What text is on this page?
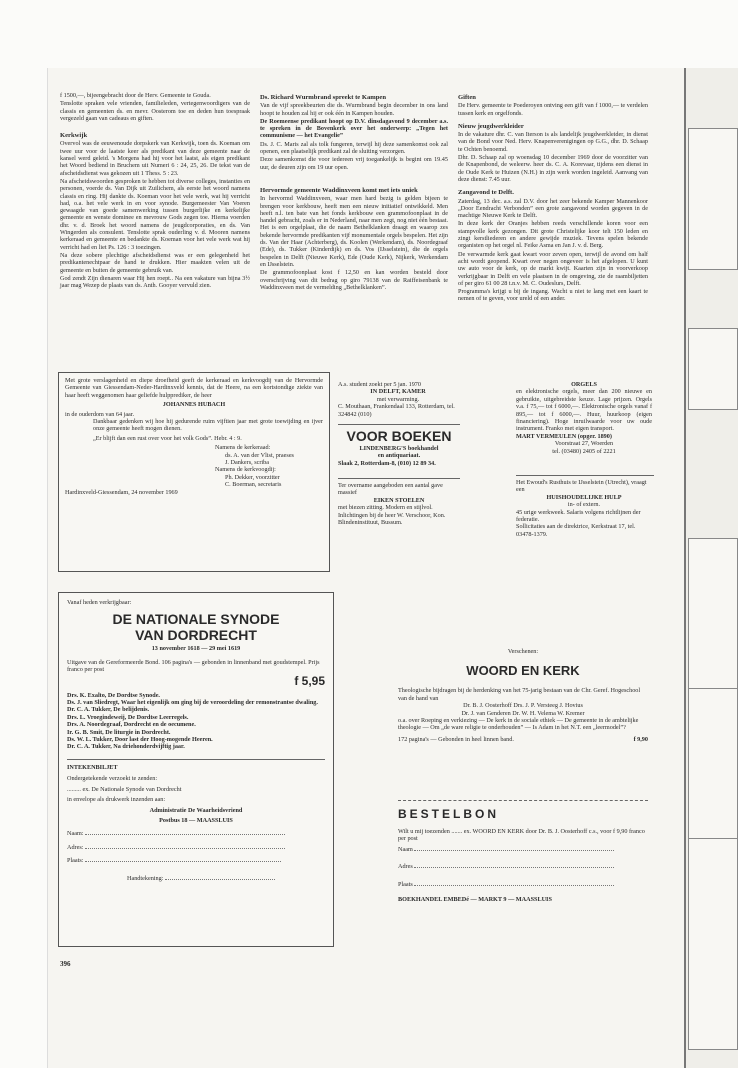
f 1500,—, bijeengebracht door de Herv. Gemeente te Gouda.

Tenslotte spraken vele vrienden, familieleden, vertegenwoordigers van de classis en gemeenten ds. en mevr. Oosterom toe en deden hun toespraak vergezeld gaan van cadeaus en giften.

Kerkwijk

Overvol was de eeuwenoude dorpskerk van Kerkwijk, toen ds. Koeman om twee uur voor de laatste keer als predikant van deze gemeente naar de kansel werd geleid. 's Morgens had hij voor het laatst, als eigen predikant het Woord bediend in Bruchem uit Numeri 6 : 24, 25, 26. De tekst van de afscheidsdienst was gekozen uit 1 Thess. 5 : 23.

Na afscheidswoorden gesproken te hebben tot diverse colleges, instanties en personen, voerde ds. Van Dijk uit Zuilichem, als eerste het woord namens classis en ring. Hij dankte ds. Koeman voor het vele werk, wat hij verricht had, o.a. het vele werk in en voor synode. Burgemeester Van Voeren gewaagde van goede samenwerking tussen burgerlijke en kerkelijke gemeente en wenste dominee en mevrouw Gods zegen toe. Hierna voerden dhr. v. d. Broek het woord namens de jeugdcorporaties, en ds. Van Wingerden als consulent. Tenslotte sprak ouderling v. d. Mooren namens kerkeraad en gemeente en bedankte ds. Koeman voor het vele werk wat hij verricht had en liet Ps. 126 : 3 toezingen.

Na deze sobere plechtige afscheidsdienst was er een gelegenheid het predikantenechtpaar de hand te drukken. Hier maakten velen uit de gemeente en buiten de gemeente gebruik van.

God zendt Zijn dienaren waar Hij hen roept.. Na een vakature van bijna 3½ jaar mag Wezep de plaats van ds. Anth. Gooyer vervuld zien.

Ds. Richard Wurmbrand spreekt te Kampen

Van de vijf spreekbeurten die ds. Wurmbrand begin december in ons land hoopt te houden zal hij er ook één in Kampen houden.

De Roemeense predikant hoopt op D.V. dinsdagavond 9 december a.s. te spreken in de Bovenkerk over het onderwerp: „Tegen het communisme — het Evangelie”

Ds. J. C. Maris zal als tolk fungeren, terwijl hij deze samenkomst ook zal openen, een plaatselijk predikant zal de sluiting verzorgen.

Deze samenkomst die voor iedereen vrij toegankelijk is begint om 19.45 uur, de deuren zijn om 19 uur open.

Hervormde gemeente Waddinxveen komt met iets uniek

In hervormd Waddinxveen, waar men hard bezig is gelden bijeen te brengen voor kerkbouw, heeft men een nieuw initiatief ontwikkeld. Men heeft n.l. ten bate van het fonds kerkbouw een grammofoonplaat in de handel gebracht, zoals er in Nederland, naar men zegt, nog niet één bestaat. Het is een orgelplaat, die de naam Bethelklanken draagt en waarop zes bekende hervormde predikanten vijf monumentale orgels bespelen. Het zijn ds. Van der Haar (Achterberg), ds. Koolen (Werkendam), ds. Noordegraaf (Ede), ds. Tukker (Kinderdijk) en ds. Vos (IJsselstein), die de orgels bespelen in Delft (Nieuwe Kerk), Ede (Oude Kerk), Nijkerk, Werkendam en IJsselstein.

De grammofoonplaat kost f 12,50 en kan worden besteld door overschrijving van dit bedrag op giro 79138 van de Raiffeisenbank te Waddinxveen met de vermelding „Bethelklanken”.

Giften

De Herv. gemeente te Poederoyen ontving een gift van f 1000,— te verdelen tussen kerk en orgelfonds.

Nieuw jeugdwerkleider

In de vakature dhr. C. van Iterson is als landelijk jeugdwerkleider, in dienst van de Bond voor Ned. Herv. Knapenverenigingen op G.G., dhr. D. Schaap te Ochten benoemd.

Dhr. D. Schaap zal op woensdag 10 december 1969 door de voorzitter van de Knapenbond, de weleerw. heer ds. C. A. Korevaar, tijdens een dienst in de Oude Kerk te Huizen (N.H.) in zijn werk worden ingeleid. Aanvang van deze dienst: 7.45 uur.

Zangavond te Delft.

Zaterdag, 13 dec. a.s. zal D.V. door het zeer bekende Kamper Mannenkoor „Door Eendracht Verbonden” een grote zangavond worden gegeven in de machtige Nieuwe Kerk te Delft.

In deze kerk der Oranjes hebben reeds verschillende koren voor een stampvolle kerk gezongen. Dit grote Christelijke koor telt 150 leden en zingt kerstliederen en andere gewijde muziek. Tevens spelen bekende organisten op het orgel nl. Feike Asma en Jan J. v. d. Berg.

De verwarmde kerk gaat kwart voor zeven open, terwijl de avond om half acht wordt geopend. Kwart over negen ongeveer is het afgelopen. U kunt uw auto voor de kerk, op de markt kwijt. Kaarten zijn in voorverkoop verkrijgbaar in Delft en vele plaatsen in de omgeving, zie de raambiljetten of per giro 61 00 28 t.n.v. M. C. Oudeslurs, Delft.

Programma's krijgt u bij de ingang. Wacht u niet te lang met een kaart te nemen of te geven, voor ureld of een ander.

Met grote verslagenheid en diepe droefheid geeft de kerkeraad en kerkvoogdij van de Hervormde Gemeente van Giessendam-Neder-Hardinxveld kennis, dat de Heere, na een kortstondige ziekte van haar heeft weggenomen haar geliefde hulpprediker, de heer
JOHANNES HUBACH
in de ouderdom van 64 jaar.
Dankbaar gedenken wij hoe hij gedurende ruim vijftien jaar met grote toewijding en ijver onze gemeente heeft mogen dienen.
„Er blijft dan een rust over voor het volk Gods”. Hebr. 4 : 9.
Namens de kerkeraad:
ds. A. van der Vlist, praeses
J. Dankers, scriba
Namens de kerkvoogdij:
Ph. Dekker, voorzitter
C. Boerman, secretaris
Hardinxveld-Giessendam, 24 november 1969
A.s. student zoekt per 5 jan. 1970
IN DELFT, KAMER
met verwarming.
C. Mouthaan, Frankendaal 133, Rotterdam, tel. 324842 (010)
VOOR BOEKEN
LINDENBERG'S boekhandel
en antiquariaat.
Slaak 2, Rotterdam-8, (010) 12 89 34.
Ter overname aangeboden een aantal gave massief
EIKEN STOELEN
met biezen zitting. Modern en stijlvol. Inlichtingen bij de heer W. Verschoor, Kon. Blindeninstituut, Bussum.
ORGELS
en elektronische orgels, meer dan 200 nieuwe en gebruikte, uitgebreidste keuze. Lage prijzen. Orgels v.a. f 75,— tot f 6000,—. Elektronische orgels vanaf f 895,— tot f 6000,—. Huur, huurkoop (eigen financiering). Hoge inruilwaarde voor uw oude instrument. Franko met eigen transport.
MART VERMEULEN (opger. 1890)
Voorstraat 27, Woerden
tel. (03480) 2405 of 2221
Het Ewoud's Rusthuis te IJsselstein (Utrecht), vraagt een
HUISHOUDELIJKE HULP
in- of extern.
45 urige werkweek. Salaris volgens richtlijnen der federatie.
Sollicitaties aan de direktrice, Kerkstraat 17, tel. 03478-1379.
Vanaf heden verkrijgbaar:
DE NATIONALE SYNODE
VAN DORDRECHT
13 november 1618 — 29 mei 1619
Uitgave van de Gereformeerde Bond. 106 pagina's — gebonden in linnenband met goudstempel. Prijs franco per post
f 5,95
Drs. K. Exalto, De Dordtse Synode.
Ds. J. van Sliedregt, Waar het eigenlijk om ging bij de veroordeling der remonstrantse dwaling.
Dr. C. A. Tukker, De belijdenis.
Drs. L. Vroegindeweij, De Dordtse Leerregels.
Drs. A. Noordegraaf, Dordrecht en de oecumene.
Ir. G. B. Smit, De liturgie in Dordrecht.
Ds. W. L. Tukker, Door last der Hoog-mogende Heeren.
Dr. C. A. Tukker, Na driehonderdvijftig jaar.
INTEKENBILJET
Ondergetekende verzoekt te zenden:
......... ex. De Nationale Synode van Dordrecht
in envelope als drukwerk inzenden aan:
Administratie De Waarheidsvriend
Postbus 18 — MAASSLUIS
Naam:
Adres:
Plaats:
Handtekening:
Verschenen:
WOORD EN KERK
Theologische bijdragen bij de herdenking van het 75-jarig bestaan van de Chr. Geref. Hogeschool van de hand van
Dr. B. J. Oosterhoff Drs. J. P. Versteeg J. Hovius
Dr. J. van Genderen Dr. W. H. Velema W. Kremer
o.a. over Roeping en verkiezing — De kerk in de sociale ethiek — De gemeente in de ambtelijke theologie — Om „de ware religie te onderhouden” — Is Adam in het N.T. een „leermodel”?
172 pagina's — Gebonden in heel linnen band.	f 9,90
BESTELBON
Wilt u mij toezenden ....... ex. WOORD EN KERK door Dr. B. J. Oosterhoff c.s., voor f 9,90 franco per post
Naam
Adres
Plaats
BOEKHANDEL EMBEDé — MARKT 9 — MAASSLUIS
396
